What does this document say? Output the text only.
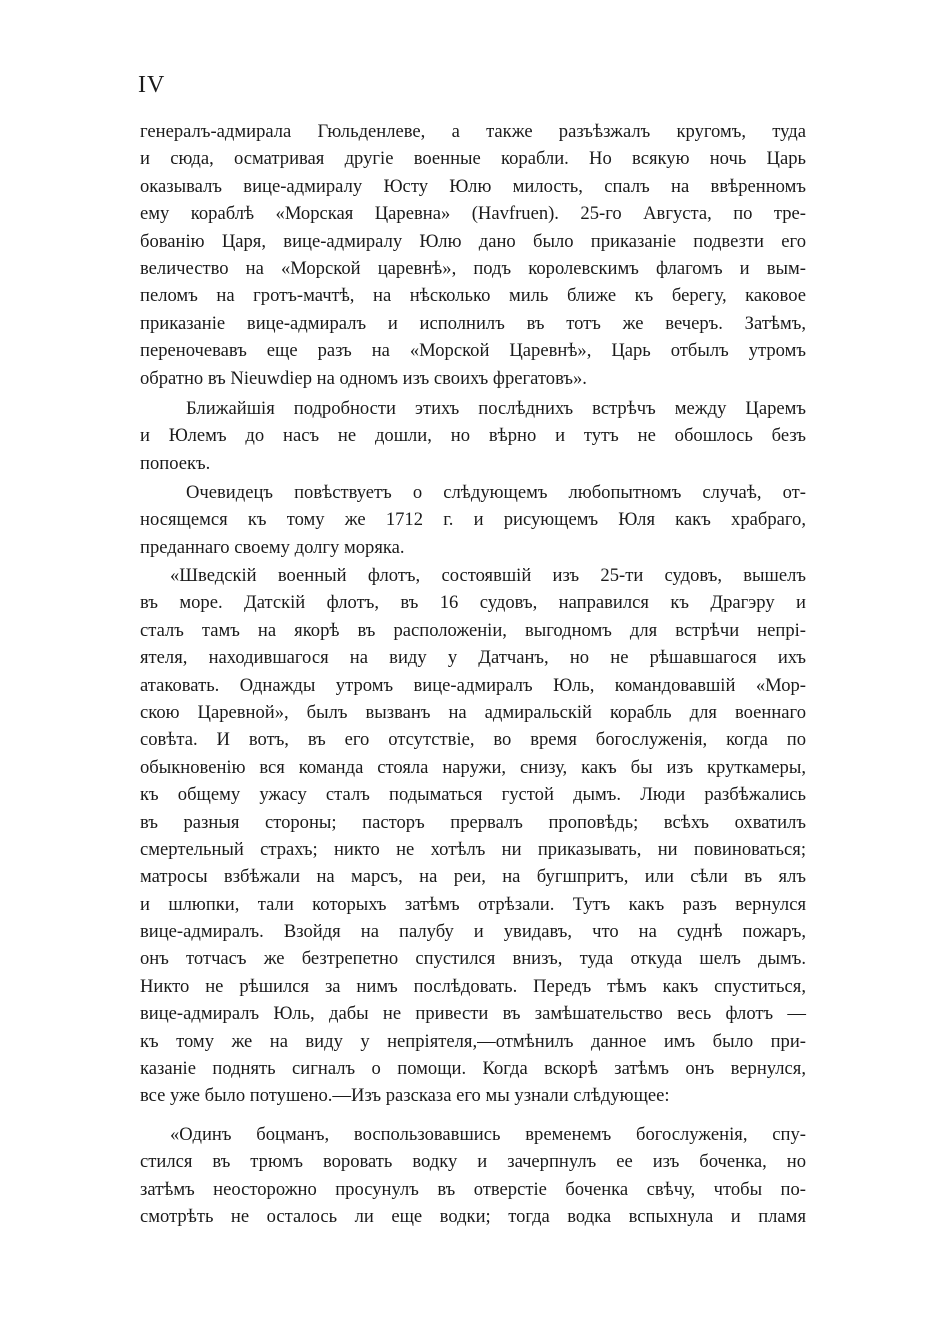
IV
генералъ-адмирала Гюльденлеве, а также разъѣзжалъ кругомъ, туда
и сюда, осматривая другіе военные корабли. Но всякую ночь Царь
оказывалъ вице-адмиралу Юсту Юлю милость, спалъ на ввѣренномъ
ему кораблѣ «Морская Царевна» (Havfruen). 25-го Августа, по тре-
бованію Царя, вице-адмиралу Юлю дано было приказаніе подвезти его
величество на «Морской царевнѣ», подъ королевскимъ флагомъ и вым-
пеломъ на гротъ-мачтѣ, на нѣсколько миль ближе къ берегу, каковое
приказаніе вице-адмиралъ и исполнилъ въ тотъ же вечеръ. Затѣмъ,
переночевавъ еще разъ на «Морской Царевнѣ», Царь отбылъ утромъ
обратно въ Nieuwdiep на одномъ изъ своихъ фрегатовъ».
Ближайшія подробности этихъ послѣднихъ встрѣчъ между Царемъ
и Юлемъ до насъ не дошли, но вѣрно и тутъ не обошлось безъ
попоекъ.
Очевидецъ повѣствуетъ о слѣдующемъ любопытномъ случаѣ, от-
носящемся къ тому же 1712 г. и рисующемъ Юля какъ храбраго,
преданнаго своему долгу моряка.
«Шведскій военный флотъ, состоявшій изъ 25-ти судовъ, вышелъ
въ море. Датскій флотъ, въ 16 судовъ, направился къ Драгэру и
сталъ тамъ на якорѣ въ расположеніи, выгодномъ для встрѣчи непрі-
ятеля, находившагося на виду у Датчанъ, но не рѣшавшагося ихъ
атаковать. Однажды утромъ вице-адмиралъ Юль, командовавшій «Мор-
скою Царевной», былъ вызванъ на адмиральскій корабль для военнаго
совѣта. И вотъ, въ его отсутствіе, во время богослуженія, когда по
обыкновенію вся команда стояла наружи, снизу, какъ бы изъ круткамеры,
къ общему ужасу сталъ подыматься густой дымъ. Люди разбѣжались
въ разныя стороны; пасторъ прервалъ проповѣдь; всѣхъ охватилъ
смертельный страхъ; никто не хотѣлъ ни приказывать, ни повиноваться;
матросы взбѣжали на марсъ, на реи, на бугшпритъ, или сѣли въ ялъ
и шлюпки, тали которыхъ затѣмъ отрѣзали. Тутъ какъ разъ вернулся
вице-адмиралъ. Взойдя на палубу и увидавъ, что на суднѣ пожаръ,
онъ тотчасъ же безтрепетно спустился внизъ, туда откуда шелъ дымъ.
Никто не рѣшился за нимъ послѣдовать. Передъ тѣмъ какъ спуститься,
вице-адмиралъ Юль, дабы не привести въ замѣшательство весь флотъ —
къ тому же на виду у непріятеля,—отмѣнилъ данное имъ было при-
казаніе поднять сигналъ о помощи. Когда вскорѣ затѣмъ онъ вернулся,
все уже было потушено.—Изъ разсказа его мы узнали слѣдующее:
«Одинъ боцманъ, воспользовавшись временемъ богослуженія, спу-
стился въ трюмъ воровать водку и зачерпнулъ ее изъ боченка, но
затѣмъ неосторожно просунулъ въ отверстіе боченка свѣчу, чтобы по-
смотрѣть не осталось ли еще водки; тогда водка вспыхнула и пламя
